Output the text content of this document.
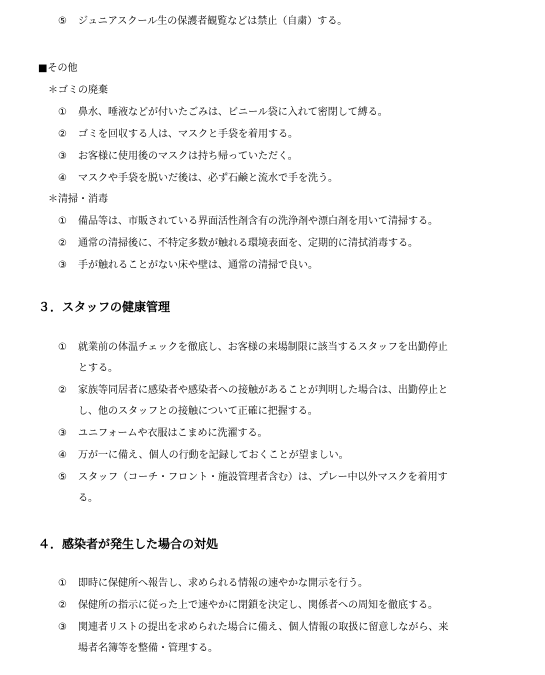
⑤ ジュニアスクール生の保護者観覧などは禁止（自粛）する。
■その他
＊ゴミの廃棄
① 鼻水、唾液などが付いたごみは、ビニール袋に入れて密閉して縛る。
② ゴミを回収する人は、マスクと手袋を着用する。
③ お客様に使用後のマスクは持ち帰っていただく。
④ マスクや手袋を脱いだ後は、必ず石鹸と流水で手を洗う。
＊清掃・消毒
① 備品等は、市販されている界面活性剤含有の洗浄剤や漂白剤を用いて清掃する。
② 通常の清掃後に、不特定多数が触れる環境表面を、定期的に清拭消毒する。
③ 手が触れることがない床や壁は、通常の清掃で良い。
３．スタッフの健康管理
① 就業前の体温チェックを徹底し、お客様の来場制限に該当するスタッフを出勤停止
とする。
② 家族等同居者に感染者や感染者への接触があることが判明した場合は、出勤停止と
し、他のスタッフとの接触について正確に把握する。
③ ユニフォームや衣服はこまめに洗濯する。
④ 万が一に備え、個人の行動を記録しておくことが望ましい。
⑤ スタッフ（コーチ・フロント・施設管理者含む）は、プレー中以外マスクを着用す
る。
４．感染者が発生した場合の対処
① 即時に保健所へ報告し、求められる情報の速やかな開示を行う。
② 保健所の指示に従った上で速やかに閉鎖を決定し、関係者への周知を徹底する。
③ 関連者リストの提出を求められた場合に備え、個人情報の取扱に留意しながら、来
場者名簿等を整備・管理する。
